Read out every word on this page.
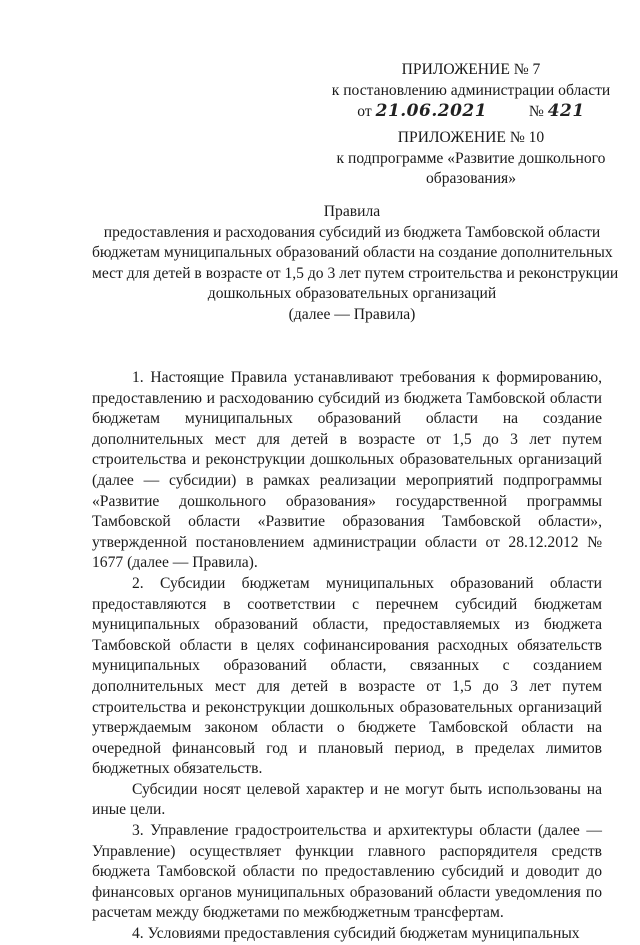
ПРИЛОЖЕНИЕ № 7
к постановлению администрации области
от 21.06.2021	№ 421
ПРИЛОЖЕНИЕ № 10
к подпрограмме «Развитие дошкольного
образования»
Правила
предоставления и расходования субсидий из бюджета Тамбовской области
бюджетам муниципальных образований области на создание дополнительных
мест для детей в возрасте от 1,5 до 3 лет путем строительства и реконструкции
дошкольных образовательных организаций
(далее — Правила)

1. Настоящие Правила устанавливают требования к формированию, предоставлению и расходованию субсидий из бюджета Тамбовской области бюджетам муниципальных образований области на создание дополнительных мест для детей в возрасте от 1,5 до 3 лет путем строительства и реконструкции дошкольных образовательных организаций (далее — субсидии) в рамках реализации мероприятий подпрограммы «Развитие дошкольного образования» государственной программы Тамбовской области «Развитие образования Тамбовской области», утвержденной постановлением администрации области от 28.12.2012 № 1677 (далее — Правила).

2. Субсидии бюджетам муниципальных образований области предоставляются в соответствии с перечнем субсидий бюджетам муниципальных образований области, предоставляемых из бюджета Тамбовской области в целях софинансирования расходных обязательств муниципальных образований области, связанных с созданием дополнительных мест для детей в возрасте от 1,5 до 3 лет путем строительства и реконструкции дошкольных образовательных организаций утверждаемым законом области о бюджете Тамбовской области на очередной финансовый год и плановый период, в пределах лимитов бюджетных обязательств.

Субсидии носят целевой характер и не могут быть использованы на иные цели.

3. Управление градостроительства и архитектуры области (далее — Управление) осуществляет функции главного распорядителя средств бюджета Тамбовской области по предоставлению субсидий и доводит до финансовых органов муниципальных образований области уведомления по расчетам между бюджетами по межбюджетным трансфертам.

4. Условиями предоставления субсидий бюджетам муниципальных
